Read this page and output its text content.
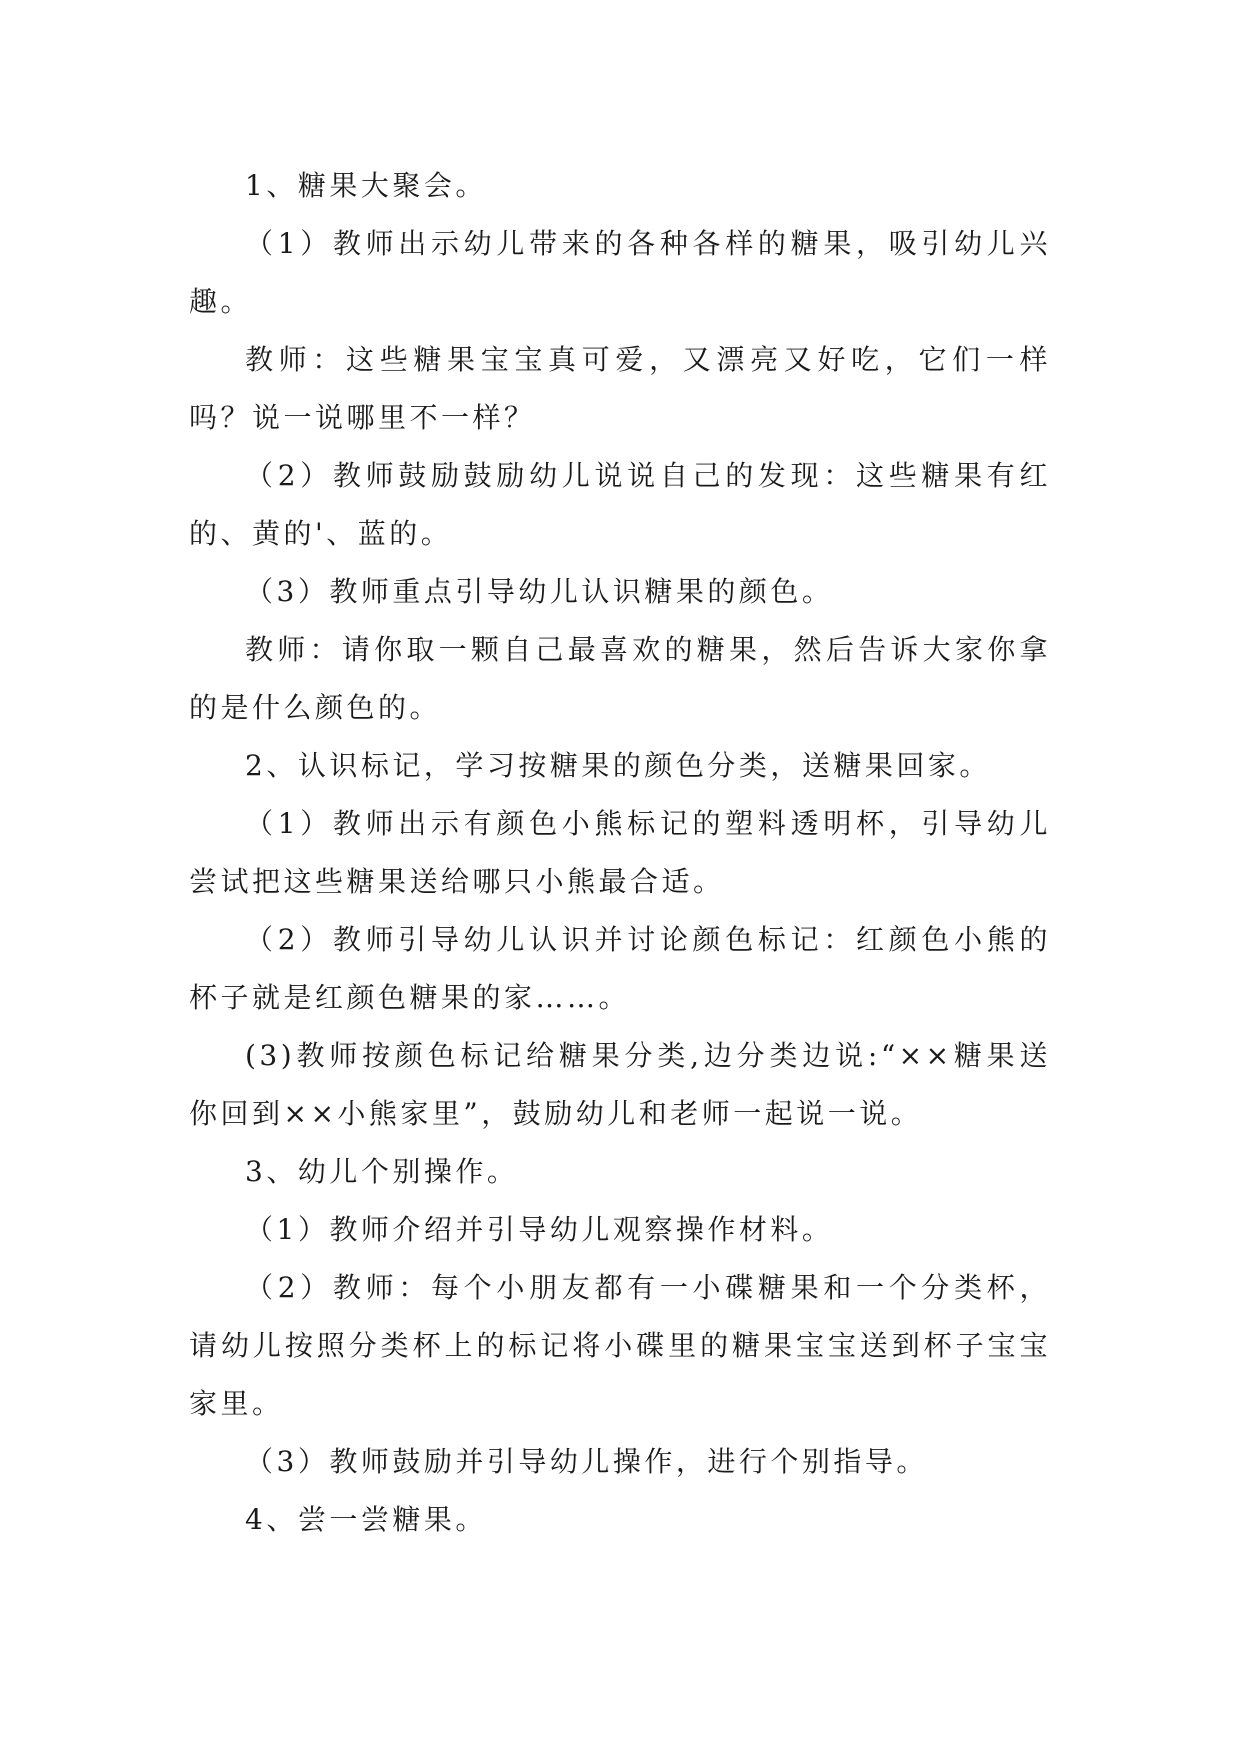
1、糖果大聚会。

（1）教师出示幼儿带来的各种各样的糖果，吸引幼儿兴趣。

教师：这些糖果宝宝真可爱，又漂亮又好吃，它们一样吗？说一说哪里不一样？

（2）教师鼓励鼓励幼儿说说自己的发现：这些糖果有红的、黄的'、蓝的。

（3）教师重点引导幼儿认识糖果的颜色。

教师：请你取一颗自己最喜欢的糖果，然后告诉大家你拿的是什么颜色的。

2、认识标记，学习按糖果的颜色分类，送糖果回家。

（1）教师出示有颜色小熊标记的塑料透明杯，引导幼儿尝试把这些糖果送给哪只小熊最合适。

（2）教师引导幼儿认识并讨论颜色标记：红颜色小熊的杯子就是红颜色糖果的家……。

(3)教师按颜色标记给糖果分类,边分类边说:“××糖果送你回到××小熊家里”，鼓励幼儿和老师一起说一说。

3、幼儿个别操作。

（1）教师介绍并引导幼儿观察操作材料。

（2）教师：每个小朋友都有一小碟糖果和一个分类杯，请幼儿按照分类杯上的标记将小碟里的糖果宝宝送到杯子宝宝家里。

（3）教师鼓励并引导幼儿操作，进行个别指导。

4、尝一尝糖果。
